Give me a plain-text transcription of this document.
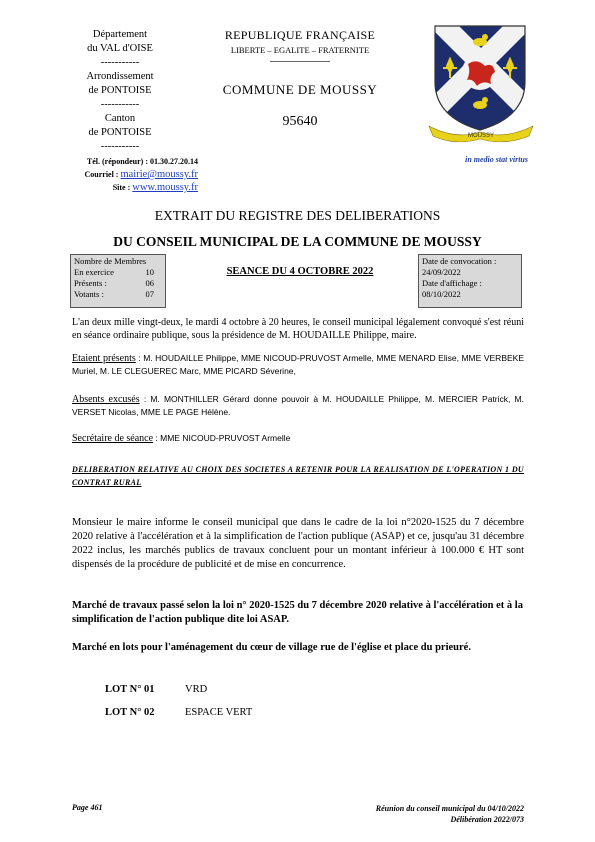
Département
du VAL d'OISE
-----------
Arrondissement
de PONTOISE
-----------
Canton
de PONTOISE
-----------
REPUBLIQUE FRANÇAISE
LIBERTE – EGALITE – FRATERNITE
COMMUNE DE MOUSSY
95640
MOUSSY
in medio stat virtus
Tél. (répondeur) : 01.30.27.20.14
Courriel : mairie@moussy.fr
Site : www.moussy.fr
EXTRAIT DU REGISTRE DES DELIBERATIONS
DU CONSEIL MUNICIPAL DE LA COMMUNE DE MOUSSY
Nombre de Membres
En exercice	10
Présents :	06
Votants :	07
SEANCE DU 4 OCTOBRE 2022
Date de convocation :
24/09/2022
Date d'affichage :
08/10/2022
L'an deux mille vingt-deux, le mardi 4 octobre à 20 heures, le conseil municipal légalement convoqué s'est réuni en séance ordinaire publique, sous la présidence de M. HOUDAILLE Philippe, maire.
Etaient présents : M. HOUDAILLE Philippe, MME NICOUD-PRUVOST Armelle, MME MENARD Elise, MME VERBEKE Muriel, M. LE CLEGUEREC Marc, MME PICARD Séverine,
Absents excusés : M. MONTHILLER Gérard donne pouvoir à M. HOUDAILLE Philippe, M. MERCIER Patrick, M. VERSET Nicolas, MME LE PAGE Hélène.
Secrétaire de séance : MME NICOUD-PRUVOST Armelle
DELIBERATION RELATIVE AU CHOIX DES SOCIETES A RETENIR POUR LA REALISATION DE L'OPERATION 1 DU CONTRAT RURAL
Monsieur le maire informe le conseil municipal que dans le cadre de la loi n°2020-1525 du 7 décembre 2020 relative à l'accélération et à la simplification de l'action publique (ASAP) et ce, jusqu'au 31 décembre 2022 inclus, les marchés publics de travaux concluent pour un montant inférieur à 100.000 € HT sont dispensés de la procédure de publicité et de mise en concurrence.
Marché de travaux passé selon la loi n° 2020-1525 du 7 décembre 2020 relative à l'accélération et à la simplification de l'action publique dite loi ASAP.
Marché en lots pour l'aménagement du cœur de village rue de l'église et place du prieuré.
LOT N° 01	VRD
LOT N° 02	ESPACE VERT
Page 461	Réunion du conseil municipal du 04/10/2022
Délibération 2022/073
